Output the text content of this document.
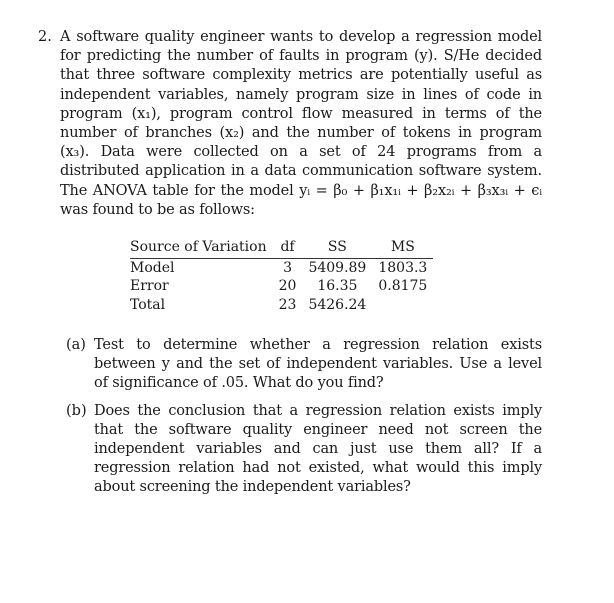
2. A software quality engineer wants to develop a regression model for predicting the number of faults in program (y). S/He decided that three software complexity metrics are potentially useful as independent variables, namely program size in lines of code in program (x₁), program control flow measured in terms of the number of branches (x₂) and the number of tokens in program (x₃). Data were collected on a set of 24 programs from a distributed application in a data communication software system. The ANOVA table for the model yᵢ = β₀ + β₁x₁ᵢ + β₂x₂ᵢ + β₃x₃ᵢ + ϵᵢ was found to be as follows:

Source of Variation	df	SS	MS
Model	3	5409.89	1803.3
Error	20	16.35	0.8175
Total	23	5426.24	
(a) Test to determine whether a regression relation exists between y and the set of independent variables. Use a level of significance of .05. What do you find?
(b) Does the conclusion that a regression relation exists imply that the software quality engineer need not screen the independent variables and can just use them all? If a regression relation had not existed, what would this imply about screening the independent variables?
